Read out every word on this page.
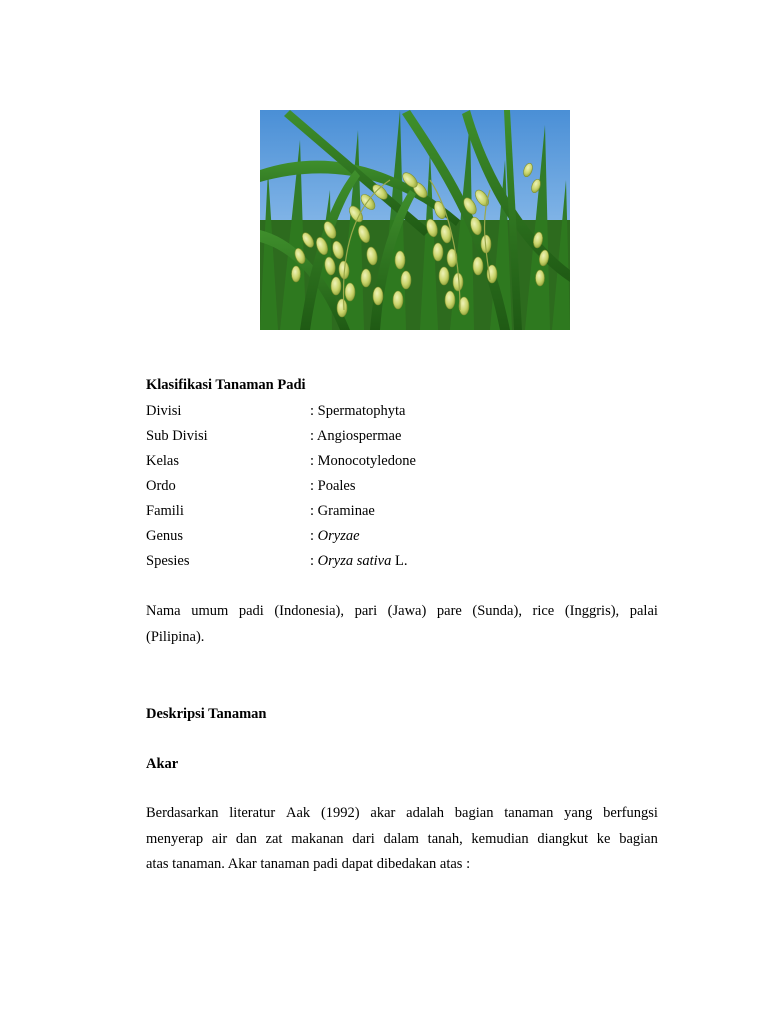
Klasifikasi Tanaman Padi
Divisi	: Spermatophyta
Sub Divisi	: Angiospermae
Kelas	: Monocotyledone
Ordo	: Poales
Famili	: Graminae
Genus	: Oryzae
Spesies	: Oryza sativa L.
Nama umum padi (Indonesia), pari (Jawa) pare (Sunda), rice (Inggris), palai
(Pilipina).
Deskripsi Tanaman
Akar
Berdasarkan literatur Aak (1992) akar adalah bagian tanaman yang berfungsi
menyerap air dan zat makanan dari dalam tanah, kemudian diangkut ke bagian
atas tanaman. Akar tanaman padi dapat dibedakan atas :
